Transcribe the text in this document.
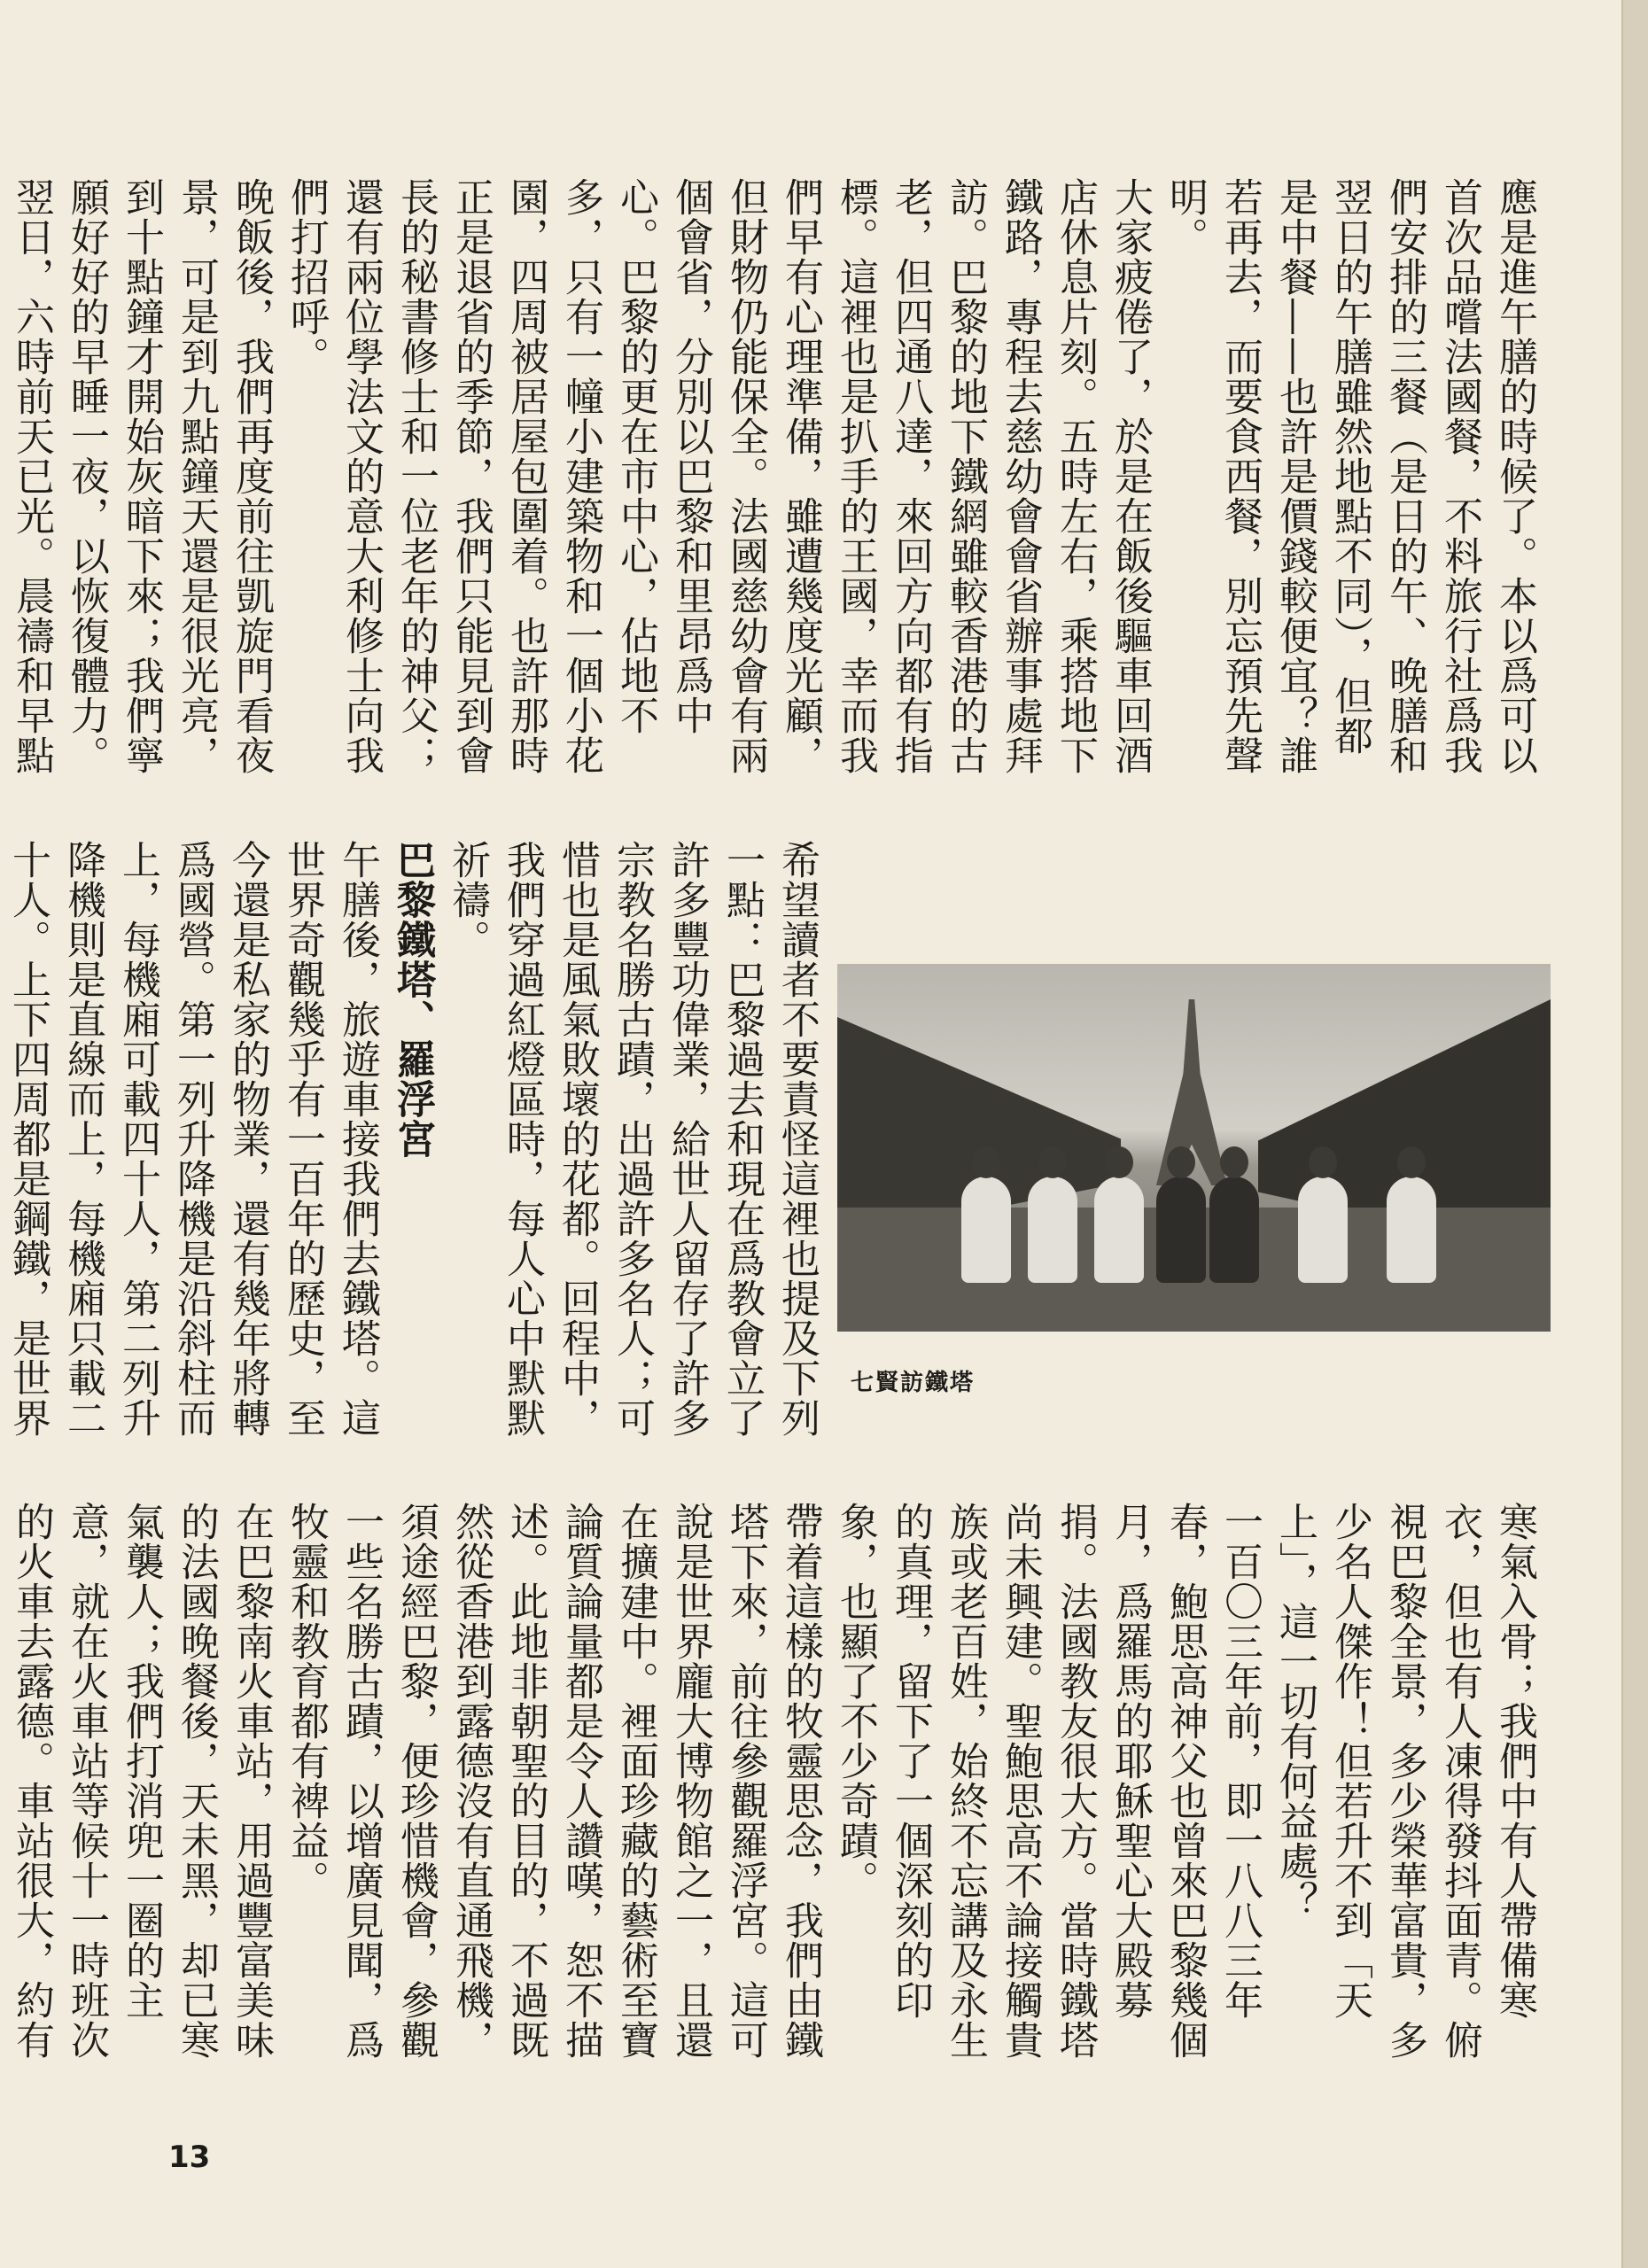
應是進午膳的時候了。本以爲可以首次品嚐法國餐，不料旅行社爲我們安排的三餐（是日的午、晚膳和翌日的午膳雖然地點不同），但都是中餐——也許是價錢較便宜？誰若再去，而要食西餐，別忘預先聲明。

大家疲倦了，於是在飯後驅車回酒店休息片刻。五時左右，乘搭地下鐵路，專程去慈幼會會省辦事處拜訪。巴黎的地下鐵網雖較香港的古老，但四通八達，來回方向都有指標。這裡也是扒手的王國，幸而我們早有心理準備，雖遭幾度光顧，但財物仍能保全。法國慈幼會有兩個會省，分別以巴黎和里昂爲中心。巴黎的更在市中心，佔地不多，只有一幢小建築物和一個小花園，四周被居屋包圍着。也許那時正是退省的季節，我們只能見到會長的秘書修士和一位老年的神父；還有兩位學法文的意大利修士向我們打招呼。

晚飯後，我們再度前往凱旋門看夜景，可是到九點鐘天還是很光亮，到十點鐘才開始灰暗下來；我們寧願好好的早睡一夜，以恢復體力。

翌日，六時前天已光。晨禱和早點

希望讀者不要責怪這裡也提及下列一點：巴黎過去和現在爲教會立了許多豐功偉業，給世人留存了許多宗教名勝古蹟，出過許多名人；可惜也是風氣敗壞的花都。回程中，我們穿過紅燈區時，每人心中默默祈禱。

巴黎鐵塔、羅浮宮

午膳後，旅遊車接我們去鐵塔。這世界奇觀幾乎有一百年的歷史，至今還是私家的物業，還有幾年將轉爲國營。第一列升降機是沿斜柱而上，每機廂可載四十人，第二列升降機則是直線而上，每機廂只載二十人。上下四周都是鋼鐵，是世界

七賢訪鐵塔

寒氣入骨；我們中有人帶備寒衣，但也有人凍得發抖面青。俯視巴黎全景，多少榮華富貴，多少名人傑作！但若升不到「天上」，這一切有何益處？

一百〇三年前，即一八八三年春，鮑思高神父也曾來巴黎幾個月，爲羅馬的耶穌聖心大殿募捐。法國教友很大方。當時鐵塔尚未興建。聖鮑思高不論接觸貴族或老百姓，始終不忘講及永生的真理，留下了一個深刻的印象，也顯了不少奇蹟。

帶着這樣的牧靈思念，我們由鐵塔下來，前往參觀羅浮宮。這可說是世界龐大博物館之一，且還在擴建中。裡面珍藏的藝術至寶論質論量都是令人讚嘆，恕不描述。此地非朝聖的目的，不過既然從香港到露德沒有直通飛機，須途經巴黎，便珍惜機會，參觀一些名勝古蹟，以增廣見聞，爲牧靈和教育都有裨益。

在巴黎南火車站，用過豐富美味的法國晚餐後，天未黑，却已寒氣襲人；我們打消兜一圈的主意，就在火車站等候十一時班次的火車去露德。車站很大，約有

13
